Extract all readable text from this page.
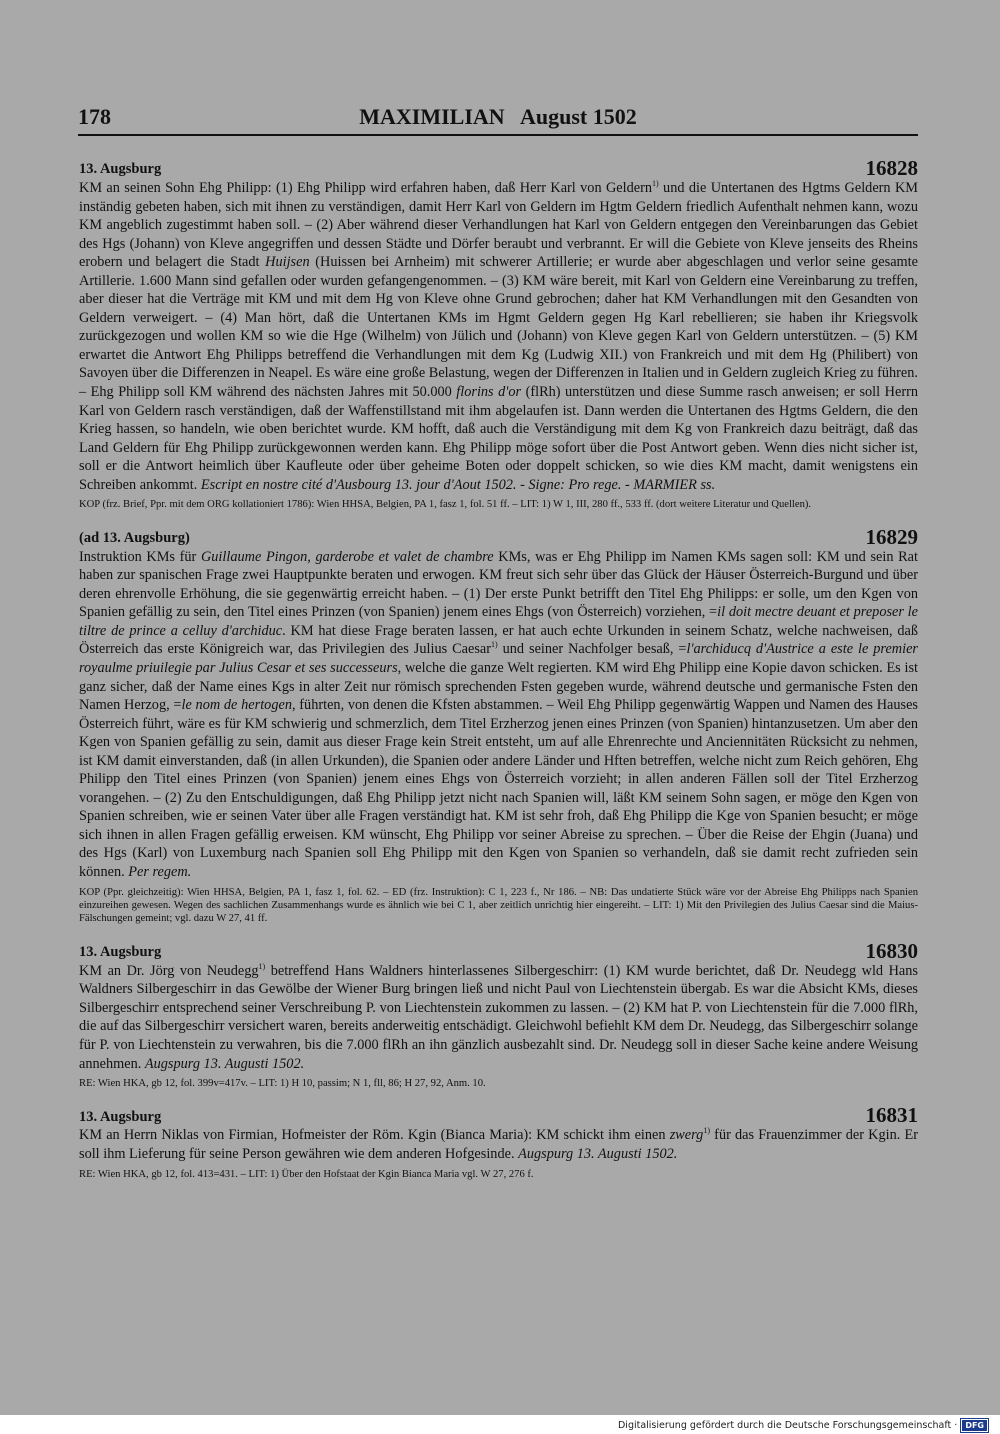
178	MAXIMILIAN   August 1502
13. Augsburg	16828

KM an seinen Sohn Ehg Philipp: (1) Ehg Philipp wird erfahren haben, daß Herr Karl von Geldern$^{1)}$ und die Untertanen des Hgtms Geldern KM inständig gebeten haben, sich mit ihnen zu verständigen, damit Herr Karl von Geldern im Hgtm Geldern friedlich Aufenthalt nehmen kann, wozu KM angeblich zugestimmt haben soll. – (2) Aber während dieser Verhandlungen hat Karl von Geldern entgegen den Vereinbarungen das Gebiet des Hgs (Johann) von Kleve angegriffen und dessen Städte und Dörfer beraubt und verbrannt. Er will die Gebiete von Kleve jenseits des Rheins erobern und belagert die Stadt Huijsen (Huissen bei Arnheim) mit schwerer Artillerie; er wurde aber abgeschlagen und verlor seine gesamte Artillerie. 1.600 Mann sind gefallen oder wurden gefangengenommen. – (3) KM wäre bereit, mit Karl von Geldern eine Vereinbarung zu treffen, aber dieser hat die Verträge mit KM und mit dem Hg von Kleve ohne Grund gebrochen; daher hat KM Verhandlungen mit den Gesandten von Geldern verweigert. – (4) Man hört, daß die Untertanen KMs im Hgmt Geldern gegen Hg Karl rebellieren; sie haben ihr Kriegsvolk zurückgezogen und wollen KM so wie die Hge (Wilhelm) von Jülich und (Johann) von Kleve gegen Karl von Geldern unterstützen. – (5) KM erwartet die Antwort Ehg Philipps betreffend die Verhandlungen mit dem Kg (Ludwig XII.) von Frankreich und mit dem Hg (Philibert) von Savoyen über die Differenzen in Neapel. Es wäre eine große Belastung, wegen der Differenzen in Italien und in Geldern zugleich Krieg zu führen. – Ehg Philipp soll KM während des nächsten Jahres mit 50.000 florins d'or (flRh) unterstützen und diese Summe rasch anweisen; er soll Herrn Karl von Geldern rasch verständigen, daß der Waffenstillstand mit ihm abgelaufen ist. Dann werden die Untertanen des Hgtms Geldern, die den Krieg hassen, so handeln, wie oben berichtet wurde. KM hofft, daß auch die Verständigung mit dem Kg von Frankreich dazu beiträgt, daß das Land Geldern für Ehg Philipp zurückgewonnen werden kann. Ehg Philipp möge sofort über die Post Antwort geben. Wenn dies nicht sicher ist, soll er die Antwort heimlich über Kaufleute oder über geheime Boten oder doppelt schicken, so wie dies KM macht, damit wenigstens ein Schreiben ankommt. Escript en nostre cité d'Ausbourg 13. jour d'Aout 1502. - Signe: Pro rege. - MARMIER ss.

KOP (frz. Brief, Ppr. mit dem ORG kollationiert 1786): Wien HHSA, Belgien, PA 1, fasz 1, fol. 51 ff. – LIT: 1) W 1, III, 280 ff., 533 ff. (dort weitere Literatur und Quellen).

(ad 13. Augsburg)	16829

Instruktion KMs für Guillaume Pingon, garderobe et valet de chambre KMs, was er Ehg Philipp im Namen KMs sagen soll: KM und sein Rat haben zur spanischen Frage zwei Hauptpunkte beraten und erwogen. KM freut sich sehr über das Glück der Häuser Österreich-Burgund und über deren ehrenvolle Erhöhung, die sie gegenwärtig erreicht haben. – (1) Der erste Punkt betrifft den Titel Ehg Philipps: er solle, um den Kgen von Spanien gefällig zu sein, den Titel eines Prinzen (von Spanien) jenem eines Ehgs (von Österreich) vorziehen, =il doit mectre deuant et preposer le tiltre de prince a celluy d'archiduc. KM hat diese Frage beraten lassen, er hat auch echte Urkunden in seinem Schatz, welche nachweisen, daß Österreich das erste Königreich war, das Privilegien des Julius Caesar$^{1)}$ und seiner Nachfolger besaß, =l'archiducq d'Austrice a este le premier royaulme priuilegie par Julius Cesar et ses successeurs, welche die ganze Welt regierten. KM wird Ehg Philipp eine Kopie davon schicken. Es ist ganz sicher, daß der Name eines Kgs in alter Zeit nur römisch sprechenden Fsten gegeben wurde, während deutsche und germanische Fsten den Namen Herzog, =le nom de hertogen, führten, von denen die Kfsten abstammen. – Weil Ehg Philipp gegenwärtig Wappen und Namen des Hauses Österreich führt, wäre es für KM schwierig und schmerzlich, dem Titel Erzherzog jenen eines Prinzen (von Spanien) hintanzusetzen. Um aber den Kgen von Spanien gefällig zu sein, damit aus dieser Frage kein Streit entsteht, um auf alle Ehrenrechte und Anciennitäten Rücksicht zu nehmen, ist KM damit einverstanden, daß (in allen Urkunden), die Spanien oder andere Länder und Hften betreffen, welche nicht zum Reich gehören, Ehg Philipp den Titel eines Prinzen (von Spanien) jenem eines Ehgs von Österreich vorzieht; in allen anderen Fällen soll der Titel Erzherzog vorangehen. – (2) Zu den Entschuldigungen, daß Ehg Philipp jetzt nicht nach Spanien will, läßt KM seinem Sohn sagen, er möge den Kgen von Spanien schreiben, wie er seinen Vater über alle Fragen verständigt hat. KM ist sehr froh, daß Ehg Philipp die Kge von Spanien besucht; er möge sich ihnen in allen Fragen gefällig erweisen. KM wünscht, Ehg Philipp vor seiner Abreise zu sprechen. – Über die Reise der Ehgin (Juana) und des Hgs (Karl) von Luxemburg nach Spanien soll Ehg Philipp mit den Kgen von Spanien so verhandeln, daß sie damit recht zufrieden sein können. Per regem.

KOP (Ppr. gleichzeitig): Wien HHSA, Belgien, PA 1, fasz 1, fol. 62. – ED (frz. Instruktion): C 1, 223 f., Nr 186. – NB: Das undatierte Stück wäre vor der Abreise Ehg Philipps nach Spanien einzureihen gewesen. Wegen des sachlichen Zusammenhangs wurde es ähnlich wie bei C 1, aber zeitlich unrichtig hier eingereiht. – LIT: 1) Mit den Privilegien des Julius Caesar sind die Maius-Fälschungen gemeint; vgl. dazu W 27, 41 ff.

13. Augsburg	16830

KM an Dr. Jörg von Neudegg$^{1)}$ betreffend Hans Waldners hinterlassenes Silbergeschirr: (1) KM wurde berichtet, daß Dr. Neudegg wld Hans Waldners Silbergeschirr in das Gewölbe der Wiener Burg bringen ließ und nicht Paul von Liechtenstein übergab. Es war die Absicht KMs, dieses Silbergeschirr entsprechend seiner Verschreibung P. von Liechtenstein zukommen zu lassen. – (2) KM hat P. von Liechtenstein für die 7.000 flRh, die auf das Silbergeschirr versichert waren, bereits anderweitig entschädigt. Gleichwohl befiehlt KM dem Dr. Neudegg, das Silbergeschirr solange für P. von Liechtenstein zu verwahren, bis die 7.000 flRh an ihn gänzlich ausbezahlt sind. Dr. Neudegg soll in dieser Sache keine andere Weisung annehmen. Augspurg 13. Augusti 1502.

RE: Wien HKA, gb 12, fol. 399v=417v. – LIT: 1) H 10, passim; N 1, fll, 86; H 27, 92, Anm. 10.

13. Augsburg	16831

KM an Herrn Niklas von Firmian, Hofmeister der Röm. Kgin (Bianca Maria): KM schickt ihm einen zwerg$^{1)}$ für das Frauenzimmer der Kgin. Er soll ihm Lieferung für seine Person gewähren wie dem anderen Hofgesinde. Augspurg 13. Augusti 1502.

RE: Wien HKA, gb 12, fol. 413=431. – LIT: 1) Über den Hofstaat der Kgin Bianca Maria vgl. W 27, 276 f.

Digitalisierung gefördert durch die Deutsche Forschungsgemeinschaft ·	DFG
